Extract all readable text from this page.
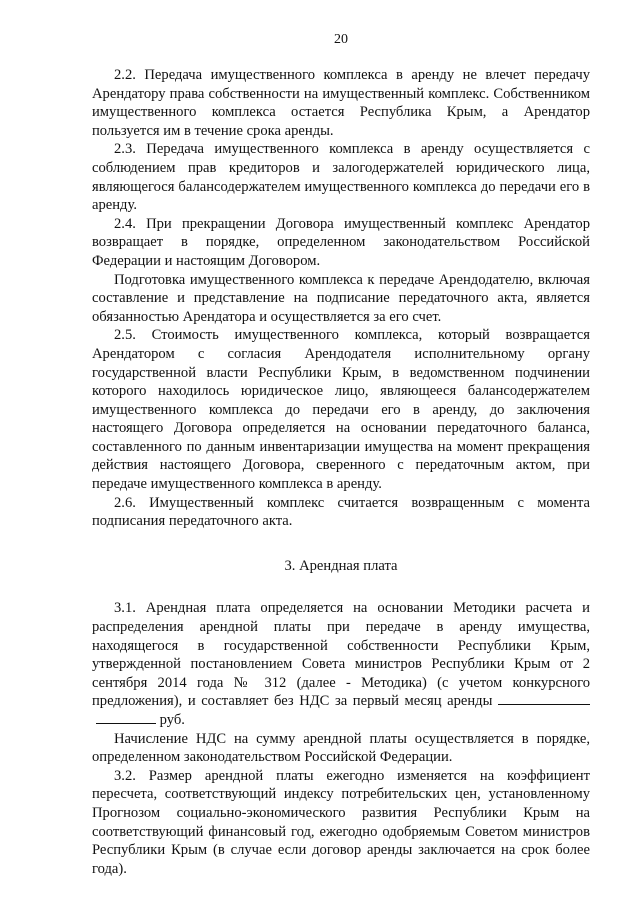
20

2.2. Передача имущественного комплекса в аренду не влечет передачу Арендатору права собственности на имущественный комплекс. Собственником имущественного комплекса остается Республика Крым, а Арендатор пользуется им в течение срока аренды.

2.3. Передача имущественного комплекса в аренду осуществляется с соблюдением прав кредиторов и залогодержателей юридического лица, являющегося балансодержателем имущественного комплекса до передачи его в аренду.

2.4. При прекращении Договора имущественный комплекс Арендатор возвращает в порядке, определенном законодательством Российской Федерации и настоящим Договором.

Подготовка имущественного комплекса к передаче Арендодателю, включая составление и представление на подписание передаточного акта, является обязанностью Арендатора и осуществляется за его счет.

2.5. Стоимость имущественного комплекса, который возвращается Арендатором с согласия Арендодателя исполнительному органу государственной власти Республики Крым, в ведомственном подчинении которого находилось юридическое лицо, являющееся балансодержателем имущественного комплекса до передачи его в аренду, до заключения настоящего Договора определяется на основании передаточного баланса, составленного по данным инвентаризации имущества на момент прекращения действия настоящего Договора, сверенного с передаточным актом, при передаче имущественного комплекса в аренду.

2.6. Имущественный комплекс считается возвращенным с момента подписания передаточного акта.

3. Арендная плата

3.1. Арендная плата определяется на основании Методики расчета и распределения арендной платы при передаче в аренду имущества, находящегося в государственной собственности Республики Крым, утвержденной постановлением Совета министров Республики Крым от 2 сентября 2014 года № 312 (далее - Методика) (с учетом конкурсного предложения), и составляет без НДС за первый месяц аренды  руб.

Начисление НДС на сумму арендной платы осуществляется в порядке, определенном законодательством Российской Федерации.

3.2. Размер арендной платы ежегодно изменяется на коэффициент пересчета, соответствующий индексу потребительских цен, установленному Прогнозом социально-экономического развития Республики Крым на соответствующий финансовый год, ежегодно одобряемым Советом министров Республики Крым (в случае если договор аренды заключается на срок более года).
